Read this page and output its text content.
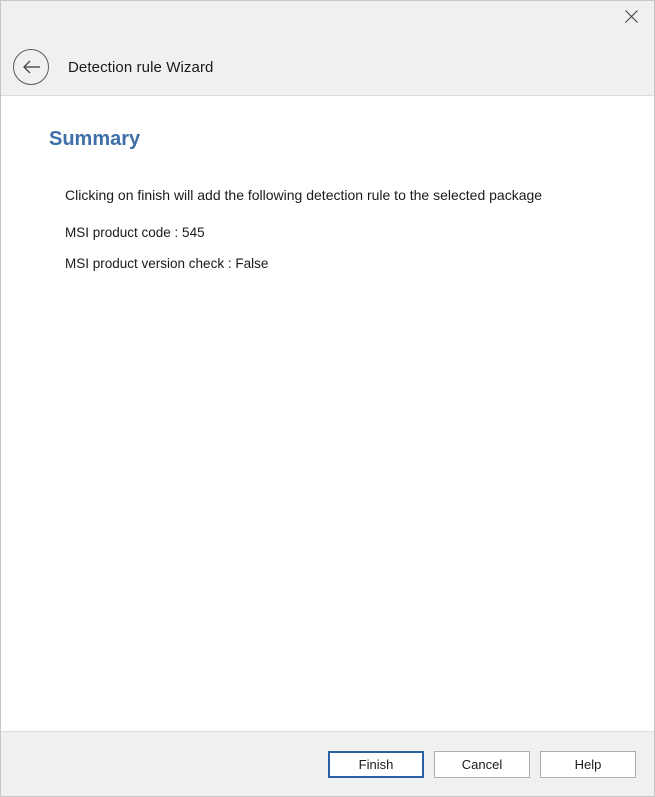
Detection rule Wizard
Summary
Clicking on finish will add the following detection rule to the selected package
MSI product code : 545
MSI product version check : False
Finish	Cancel	Help
